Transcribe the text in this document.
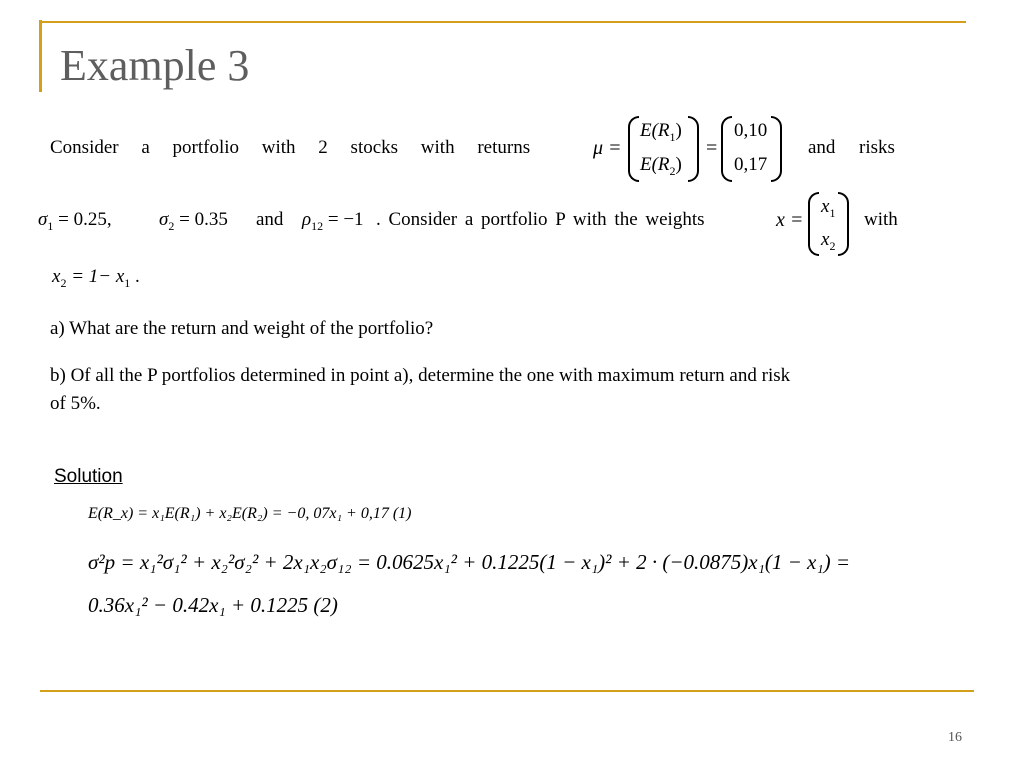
Example 3
Consider a portfolio with 2 stocks with returns	μ =
$E(R_1)$
$E(R_2)$
=
0,10
0,17
and risks
$\sigma_1 = 0.25$, $\sigma_2 = 0.35$ and $\rho_{12} = -1$ . Consider a portfolio P with the weights	x =
$x_1$
$x_2$
with
$x_2 = 1- x_1$ .
a) What are the return and weight of the portfolio?
b) Of all the P portfolios determined in point a), determine the one with maximum return and risk
of 5%.
Solution
E(R_x) = x₁E(R₁) + x₂E(R₂) = −0, 07x₁ + 0,17 (1)
σ²p = x₁²σ₁² + x₂²σ₂² + 2x₁x₂σ₁₂ = 0.0625x₁² + 0.1225(1 − x₁)² + 2 · (−0.0875)x₁(1 − x₁) =
0.36x₁² − 0.42x₁ + 0.1225 (2)
16
